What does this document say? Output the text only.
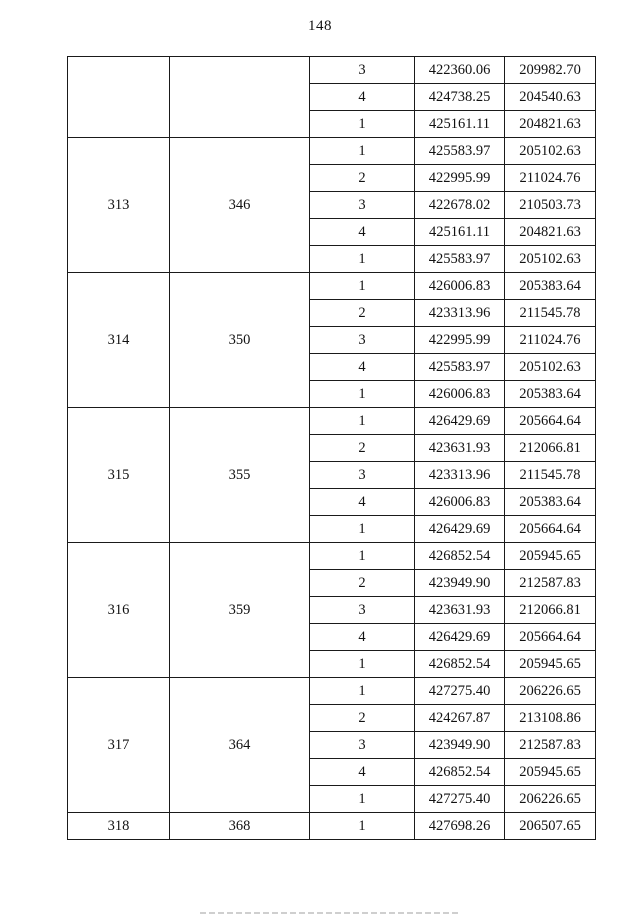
148
		3	422360.06	209982.70
		4	424738.25	204540.63
		1	425161.11	204821.63
313	346	1	425583.97	205102.63
		2	422995.99	211024.76
		3	422678.02	210503.73
		4	425161.11	204821.63
		1	425583.97	205102.63
314	350	1	426006.83	205383.64
		2	423313.96	211545.78
		3	422995.99	211024.76
		4	425583.97	205102.63
		1	426006.83	205383.64
315	355	1	426429.69	205664.64
		2	423631.93	212066.81
		3	423313.96	211545.78
		4	426006.83	205383.64
		1	426429.69	205664.64
316	359	1	426852.54	205945.65
		2	423949.90	212587.83
		3	423631.93	212066.81
		4	426429.69	205664.64
		1	426852.54	205945.65
317	364	1	427275.40	206226.65
		2	424267.87	213108.86
		3	423949.90	212587.83
		4	426852.54	205945.65
		1	427275.40	206226.65
318	368	1	427698.26	206507.65
